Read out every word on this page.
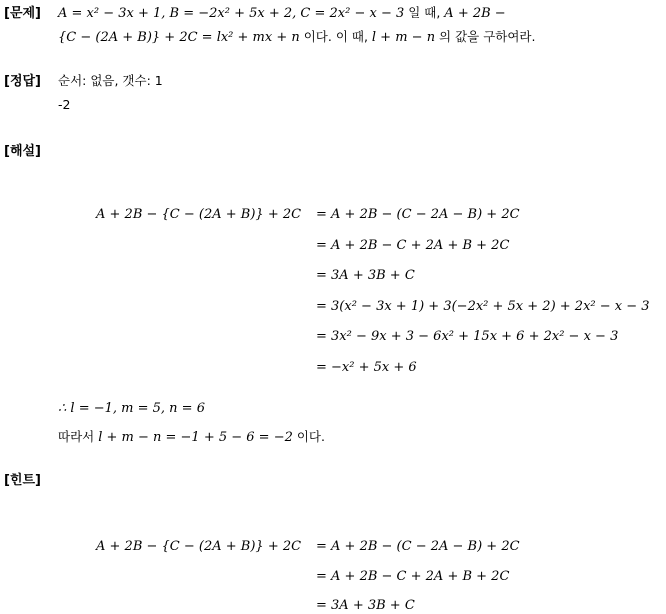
[문제] A = x² − 3x + 1, B = −2x² + 5x + 2, C = 2x² − x − 3 일 때, A + 2B −
{C − (2A + B)} + 2C = lx² + mx + n 이다. 이 때, l + m − n 의 값을 구하여라.
[정답] 순서: 없음, 갯수: 1
-2
[해설]
A + 2B − {C − (2A + B)} + 2C = A + 2B − (C − 2A − B) + 2C
= A + 2B − C + 2A + B + 2C
= 3A + 3B + C
= 3(x² − 3x + 1) + 3(−2x² + 5x + 2) + 2x² − x − 3
= 3x² − 9x + 3 − 6x² + 15x + 6 + 2x² − x − 3
= −x² + 5x + 6
∴ l = −1, m = 5, n = 6
따라서 l + m − n = −1 + 5 − 6 = −2 이다.
[힌트]
A + 2B − {C − (2A + B)} + 2C = A + 2B − (C − 2A − B) + 2C
= A + 2B − C + 2A + B + 2C
= 3A + 3B + C
